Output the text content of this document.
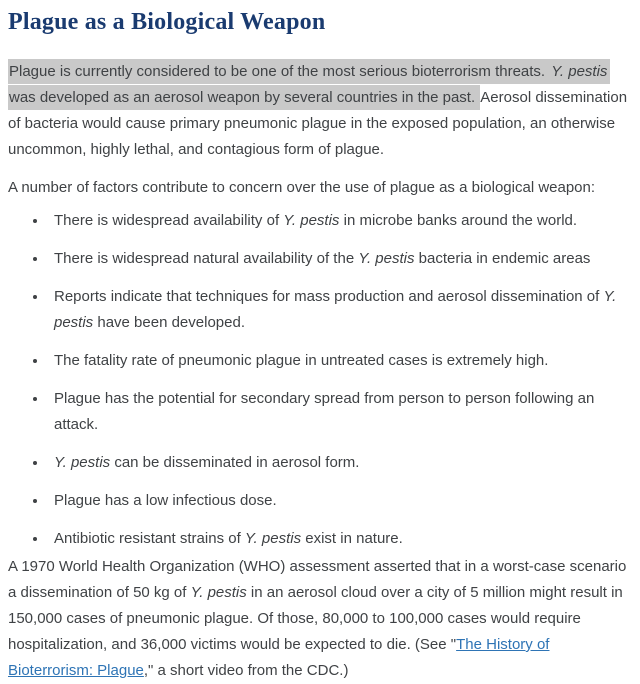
Plague as a Biological Weapon

Plague is currently considered to be one of the most serious bioterrorism threats. Y. pestis was developed as an aerosol weapon by several countries in the past. Aerosol dissemination of bacteria would cause primary pneumonic plague in the exposed population, an otherwise uncommon, highly lethal, and contagious form of plague.

A number of factors contribute to concern over the use of plague as a biological weapon:

• There is widespread availability of Y. pestis in microbe banks around the world.
• There is widespread natural availability of the Y. pestis bacteria in endemic areas
• Reports indicate that techniques for mass production and aerosol dissemination of Y. pestis have been developed.
• The fatality rate of pneumonic plague in untreated cases is extremely high.
• Plague has the potential for secondary spread from person to person following an attack.
• Y. pestis can be disseminated in aerosol form.
• Plague has a low infectious dose.
• Antibiotic resistant strains of Y. pestis exist in nature.

A 1970 World Health Organization (WHO) assessment asserted that in a worst-case scenario a dissemination of 50 kg of Y. pestis in an aerosol cloud over a city of 5 million might result in 150,000 cases of pneumonic plague. Of those, 80,000 to 100,000 cases would require hospitalization, and 36,000 victims would be expected to die. (See "The History of Bioterrorism: Plague," a short video from the CDC.)
